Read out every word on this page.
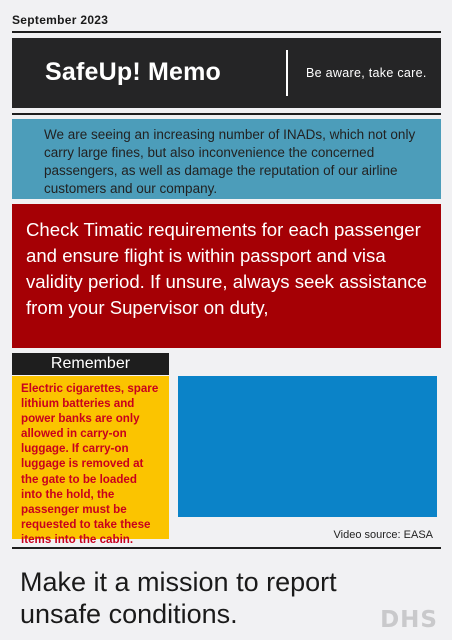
September 2023
SafeUp! Memo	Be aware, take care.
We are seeing an increasing number of INADs, which not only carry large fines, but also inconvenience the concerned passengers, as well as damage the reputation of our airline customers and our company.
Check Timatic requirements for each passenger and ensure flight is within passport and visa validity period. If unsure, always seek assistance from your Supervisor on duty,
Remember
Electric cigarettes, spare lithium batteries and power banks are only allowed in carry-on luggage. If carry-on luggage is removed at the gate to be loaded into the hold, the passenger must be requested to take these items into the cabin.	Video source: EASA
Make it a mission to report unsafe conditions.	DHS
